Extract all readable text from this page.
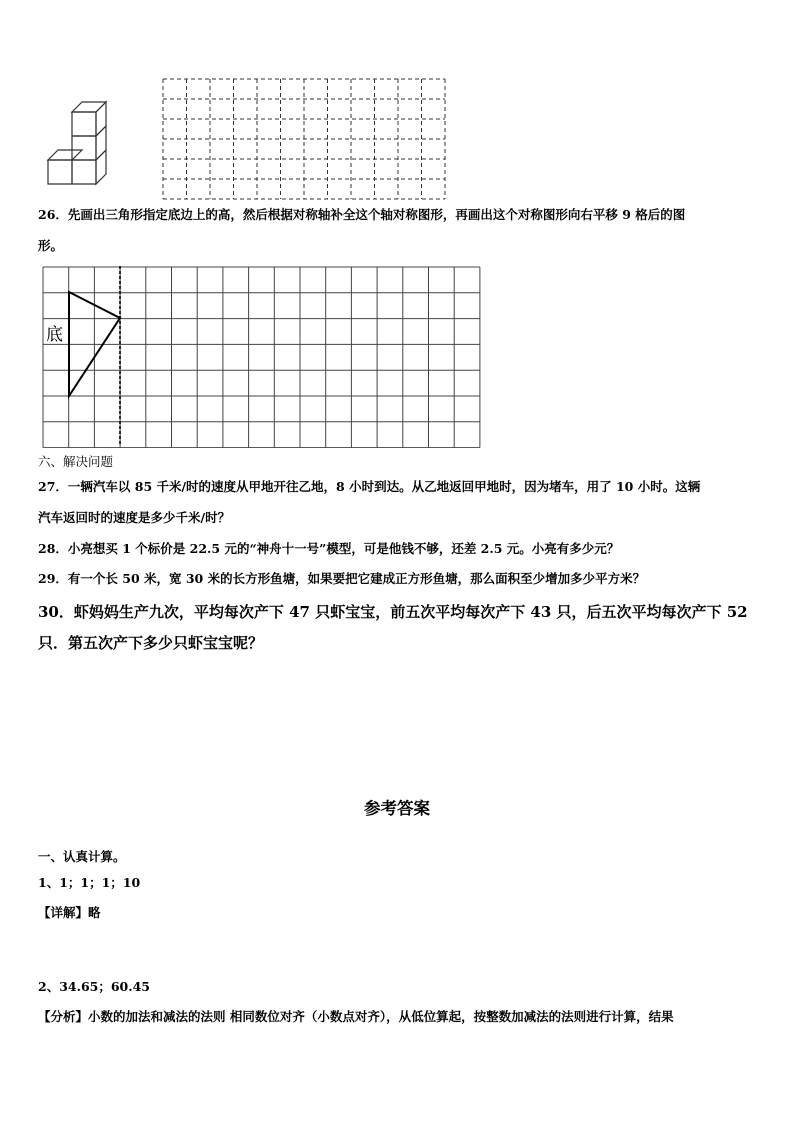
26．先画出三角形指定底边上的高，然后根据对称轴补全这个轴对称图形，再画出这个对称图形向右平移 9 格后的图
形。
底
六、解决问题
27．一辆汽车以 85 千米/时的速度从甲地开往乙地，8 小时到达。从乙地返回甲地时，因为堵车，用了 10 小时。这辆
汽车返回时的速度是多少千米/时？
28．小亮想买 1 个标价是 22.5 元的“神舟十一号”模型，可是他钱不够，还差 2.5 元。小亮有多少元？
29．有一个长 50 米，宽 30 米的长方形鱼塘，如果要把它建成正方形鱼塘，那么面积至少增加多少平方米？
30．虾妈妈生产九次，平均每次产下 47 只虾宝宝，前五次平均每次产下 43 只，后五次平均每次产下 52
只．第五次产下多少只虾宝宝呢？
参考答案
一、认真计算。
1、1；1；1；10
【详解】略
2、34.65；60.45
【分析】小数的加法和减法的法则 相同数位对齐（小数点对齐），从低位算起，按整数加减法的法则进行计算，结果
